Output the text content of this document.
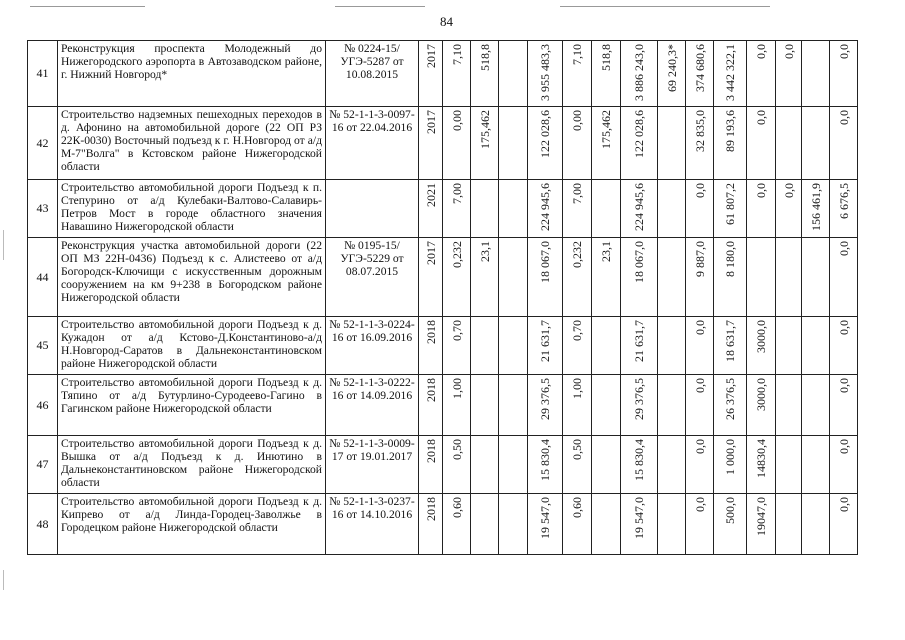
84
41	Реконструкция проспекта Молодежный до Нижегородского аэропорта в Автозаводском районе, г. Нижний Новгород*	№ 0224-15/УГЭ-5287 от 10.08.2015	2017	7,10	518,8		3 955 483,3	7,10	518,8	3 886 243,0	69 240,3*	374 680,6	3 442 322,1	0,0	0,0		0,0

42	Строительство надземных пешеходных переходов в д. Афонино на автомобильной дороге (22 ОП РЗ 22К-0030) Восточный подъезд к г. Н.Новгород от а/д М-7"Волга" в Кстовском районе Нижегородской области	№ 52-1-1-3-0097-16 от 22.04.2016	2017	0,00	175,462		122 028,6	0,00	175,462	122 028,6		32 835,0	89 193,6	0,0			0,0

43	Строительство автомобильной дороги Подъезд к п. Степурино от а/д Кулебаки-Валтово-Салавирь-Петров Мост в городе областного значения Навашино Нижегородской области		2021	7,00			224 945,6	7,00		224 945,6		0,0	61 807,2	0,0	0,0	156 461,9	6 676,5

44	Реконструкция участка автомобильной дороги (22 ОП МЗ 22Н-0436) Подъезд к с. Алистеево от а/д Богородск-Ключищи с искусственным дорожным сооружением на км 9+238 в Богородском районе Нижегородской области	№ 0195-15/УГЭ-5229 от 08.07.2015	2017	0,232	23,1		18 067,0	0,232	23,1	18 067,0		9 887,0	8 180,0				0,0

45	Строительство автомобильной дороги Подъезд к д. Кужадон от а/д Кстово-Д.Константиново-а/д Н.Новгород-Саратов в Дальнеконстантиновском районе Нижегородской области	№ 52-1-1-3-0224-16 от 16.09.2016	2018	0,70			21 631,7	0,70		21 631,7		0,0	18 631,7	3000,0			0,0

46	Строительство автомобильной дороги Подъезд к д. Тяпино от а/д Бутурлино-Суродеево-Гагино в Гагинском районе Нижегородской области	№ 52-1-1-3-0222-16 от 14.09.2016	2018	1,00			29 376,5	1,00		29 376,5		0,0	26 376,5	3000,0			0,0

47	Строительство автомобильной дороги Подъезд к д. Вышка от а/д Подъезд к д. Инютино в Дальнеконстантиновском районе Нижегородской области	№ 52-1-1-3-0009-17 от 19.01.2017	2018	0,50			15 830,4	0,50		15 830,4		0,0	1 000,0	14830,4			0,0

48	Строительство автомобильной дороги Подъезд к д. Кипрево от а/д Линда-Городец-Заволжье в Городецком районе Нижегородской области	№ 52-1-1-3-0237-16 от 14.10.2016	2018	0,60			19 547,0	0,60		19 547,0		0,0	500,0	19047,0			0,0
